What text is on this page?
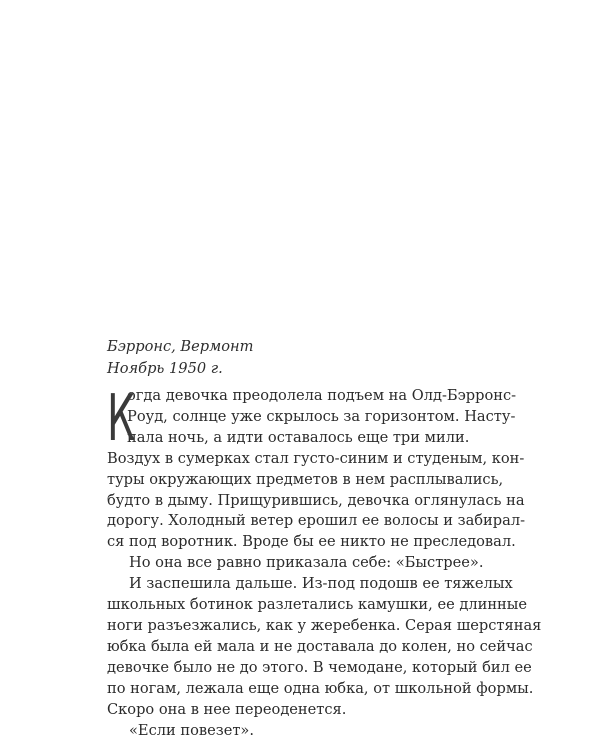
Бэрронс, Вермонт
Ноябрь 1950 г.
К
огда девочка преодолела подъем на Олд-Бэрронс-
Роуд, солнце уже скрылось за горизонтом. Насту-
пала ночь, а идти оставалось еще три мили.
Воздух в сумерках стал густо-синим и студеным, кон-
туры окружающих предметов в нем расплывались,
будто в дыму. Прищурившись, девочка оглянулась на
дорогу. Холодный ветер ерошил ее волосы и забирал-
ся под воротник. Вроде бы ее никто не преследовал.
Но она все равно приказала себе: «Быстрее».
И заспешила дальше. Из-под подошв ее тяжелых
школьных ботинок разлетались камушки, ее длинные
ноги разъезжались, как у жеребенка. Серая шерстяная
юбка была ей мала и не доставала до колен, но сейчас
девочке было не до этого. В чемодане, который бил ее
по ногам, лежала еще одна юбка, от школьной формы.
Скоро она в нее переоденется.
«Если повезет».
